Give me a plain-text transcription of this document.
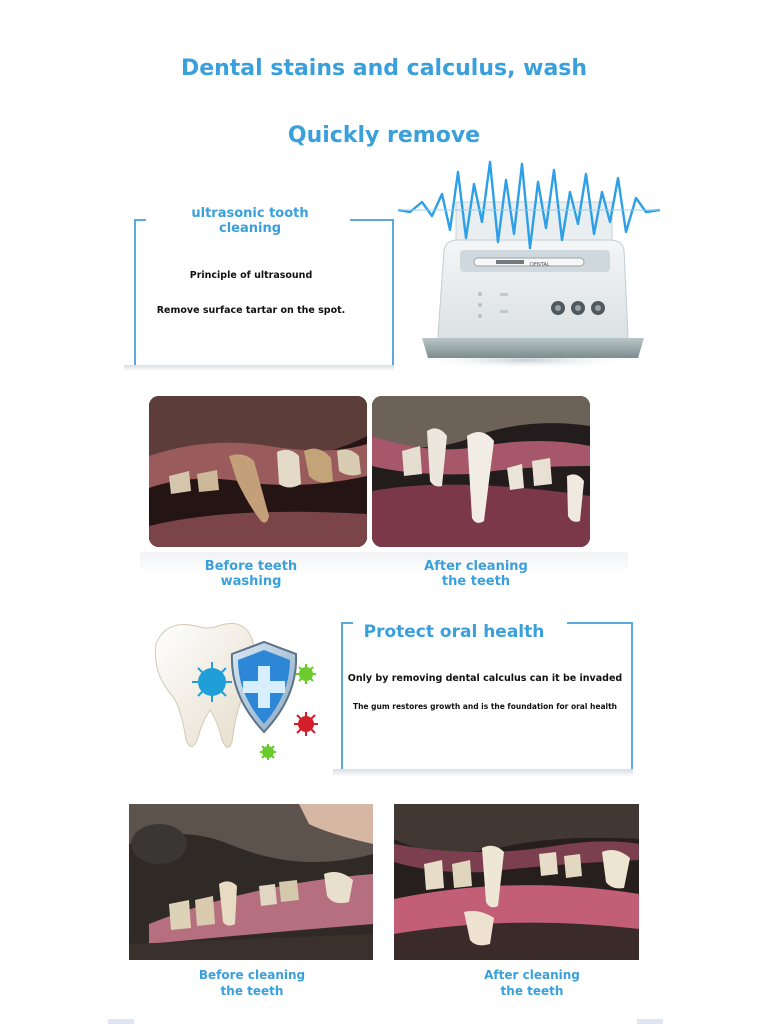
Dental stains and calculus, wash
Quickly remove
ultrasonic tooth
cleaning
Principle of ultrasound
Remove surface tartar on the spot.
DENTAL
Before teeth
washing
After cleaning
the teeth
Protect oral health
Only by removing dental calculus can it be invaded
The gum restores growth and is the foundation for oral health
Before cleaning
the teeth
After cleaning
the teeth
